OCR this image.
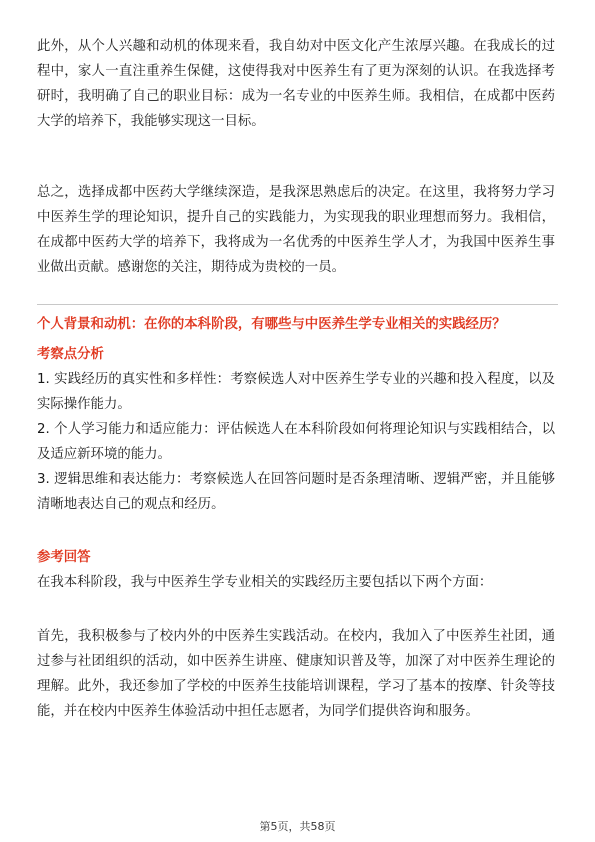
此外，从个人兴趣和动机的体现来看，我自幼对中医文化产生浓厚兴趣。在我成长的过程中，家人一直注重养生保健，这使得我对中医养生有了更为深刻的认识。在我选择考研时，我明确了自己的职业目标：成为一名专业的中医养生师。我相信，在成都中医药大学的培养下，我能够实现这一目标。

总之，选择成都中医药大学继续深造，是我深思熟虑后的决定。在这里，我将努力学习中医养生学的理论知识，提升自己的实践能力，为实现我的职业理想而努力。我相信，在成都中医药大学的培养下，我将成为一名优秀的中医养生学人才，为我国中医养生事业做出贡献。感谢您的关注，期待成为贵校的一员。

个人背景和动机：在你的本科阶段，有哪些与中医养生学专业相关的实践经历？

考察点分析

1. 实践经历的真实性和多样性：考察候选人对中医养生学专业的兴趣和投入程度，以及实际操作能力。
2. 个人学习能力和适应能力：评估候选人在本科阶段如何将理论知识与实践相结合，以及适应新环境的能力。
3. 逻辑思维和表达能力：考察候选人在回答问题时是否条理清晰、逻辑严密，并且能够清晰地表达自己的观点和经历。

参考回答

在我本科阶段，我与中医养生学专业相关的实践经历主要包括以下两个方面：

首先，我积极参与了校内外的中医养生实践活动。在校内，我加入了中医养生社团，通过参与社团组织的活动，如中医养生讲座、健康知识普及等，加深了对中医养生理论的理解。此外，我还参加了学校的中医养生技能培训课程，学习了基本的按摩、针灸等技能，并在校内中医养生体验活动中担任志愿者，为同学们提供咨询和服务。

第5页，共58页
